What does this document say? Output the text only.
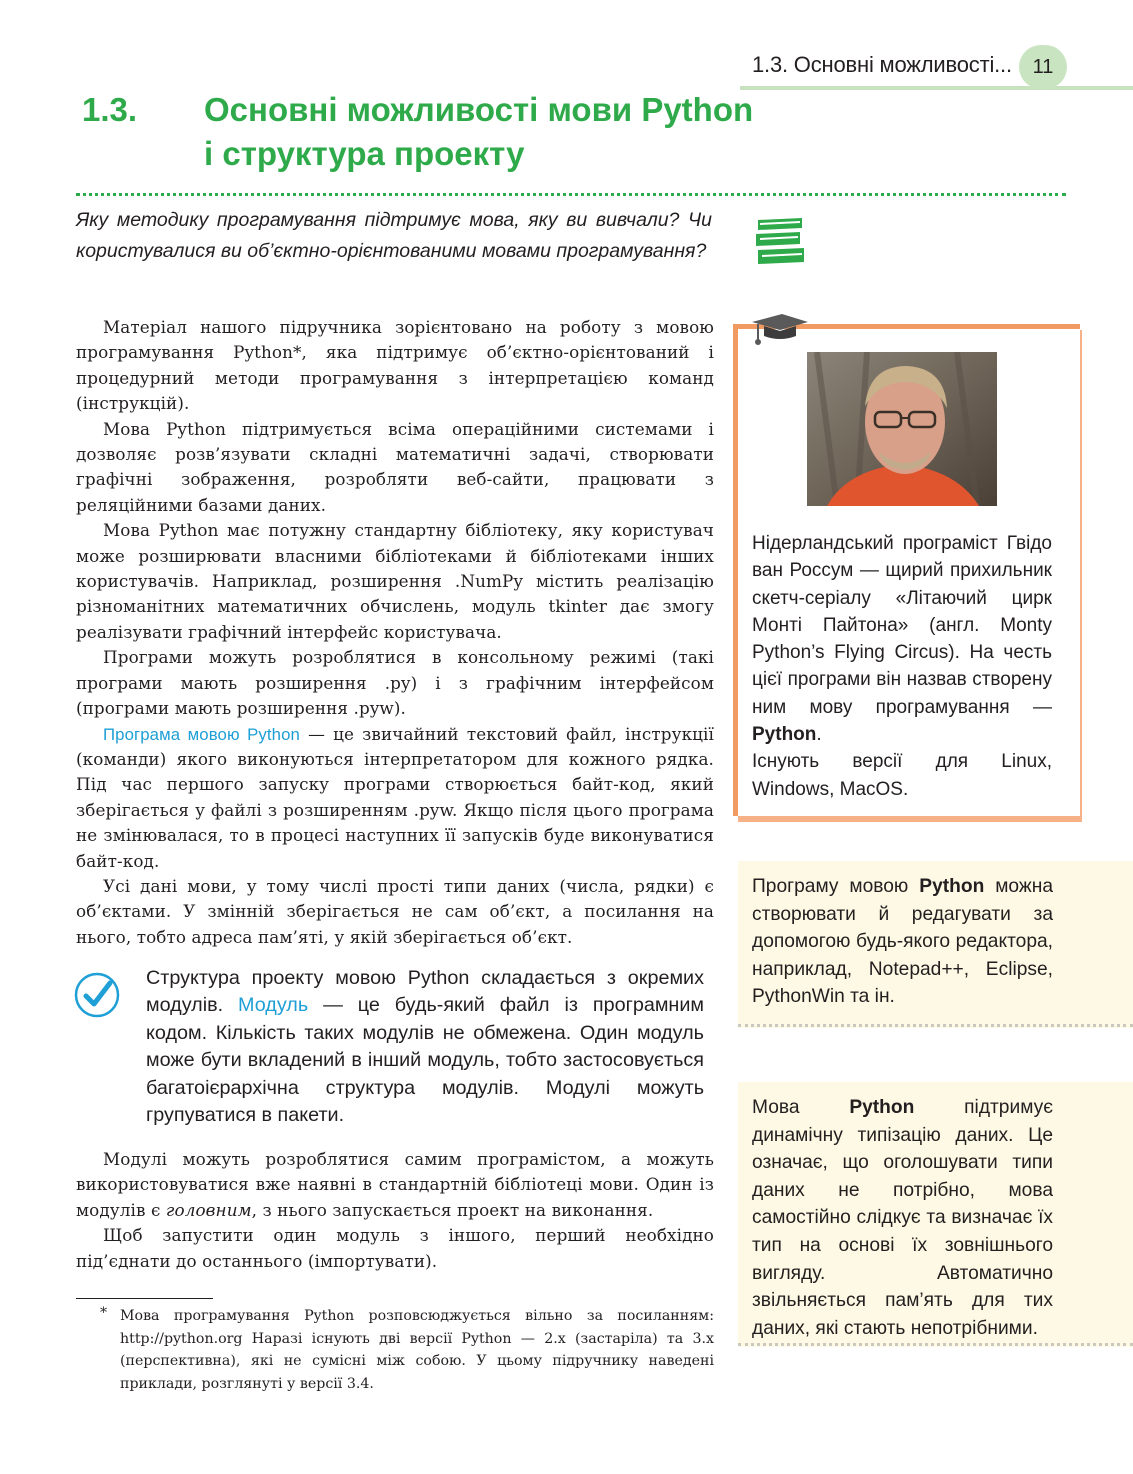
1.3. Основні можливості...	11
1.3. Основні можливості мови Python
і структура проекту
Яку методику програмування підтримує мова, яку ви вивчали? Чи користувалися ви об’єктно-орієнтованими мовами програмування?

Матеріал нашого підручника зорієнтовано на роботу з мовою програмування Python*, яка підтримує об’єктно-орієнтований і процедурний методи програмування з інтерпретацією команд (інструкцій).

Мова Python підтримується всіма операційними системами і дозволяє розв’язувати складні математичні задачі, створювати графічні зображення, розробляти веб-сайти, працювати з реляційними базами даних.

Мова Python має потужну стандартну бібліотеку, яку користувач може розширювати власними бібліотеками й бібліотеками інших користувачів. Наприклад, розширення .NumPy містить реалізацію різноманітних математичних обчислень, модуль tkinter дає змогу реалізувати графічний інтерфейс користувача.

Програми можуть розроблятися в консольному режимі (такі програми мають розширення .py) і з графічним інтерфейсом (програми мають розширення .pyw).

Програма мовою Python — це звичайний текстовий файл, інструкції (команди) якого виконуються інтерпретатором для кожного рядка. Під час першого запуску програми створюється байт-код, який зберігається у файлі з розширенням .pyw. Якщо після цього програма не змінювалася, то в процесі наступних її запусків буде виконуватися байт-код.

Усі дані мови, у тому числі прості типи даних (числа, рядки) є об’єктами. У змінній зберігається не сам об’єкт, а посилання на нього, тобто адреса пам’яті, у якій зберігається об’єкт.

Структура проекту мовою Python складається з окремих модулів. Модуль — це будь-який файл із програмним кодом. Кількість таких модулів не обмежена. Один модуль може бути вкладений в інший модуль, тобто застосовується багатоієрархічна структура модулів. Модулі можуть групуватися в пакети.

Модулі можуть розроблятися самим програмістом, а можуть використовуватися вже наявні в стандартній бібліотеці мови. Один із модулів є головним, з нього запускається проект на виконання.

Щоб запустити один модуль з іншого, перший необхідно під’єднати до останнього (імпортувати).

* Мова програмування Python розповсюджується вільно за посиланням: http://python.org Наразі існують дві версії Python — 2.x (застаріла) та 3.x (перспективна), які не сумісні між собою. У цьому підручнику наведені приклади, розглянуті у версії 3.4.
Нідерландський програміст Гвідо ван Россум — щирий прихильник скетч-серіалу «Літаючий цирк Монті Пайтона» (англ. Monty Python’s Flying Circus). На честь цієї програми він назвав створену ним мову програмування — Python.
Існують версії для Linux, Windows, MacOS.
Програму мовою Python можна створювати й редагувати за допомогою будь-якого редактора, наприклад, Notepad++, Eclipse, PythonWin та ін.
Мова Python підтримує динамічну типізацію даних. Це означає, що оголошувати типи даних не потрібно, мова самостійно слідкує та визначає їх тип на основі їх зовнішнього вигляду. Автоматично звільняється пам’ять для тих даних, які стають непотрібними.
